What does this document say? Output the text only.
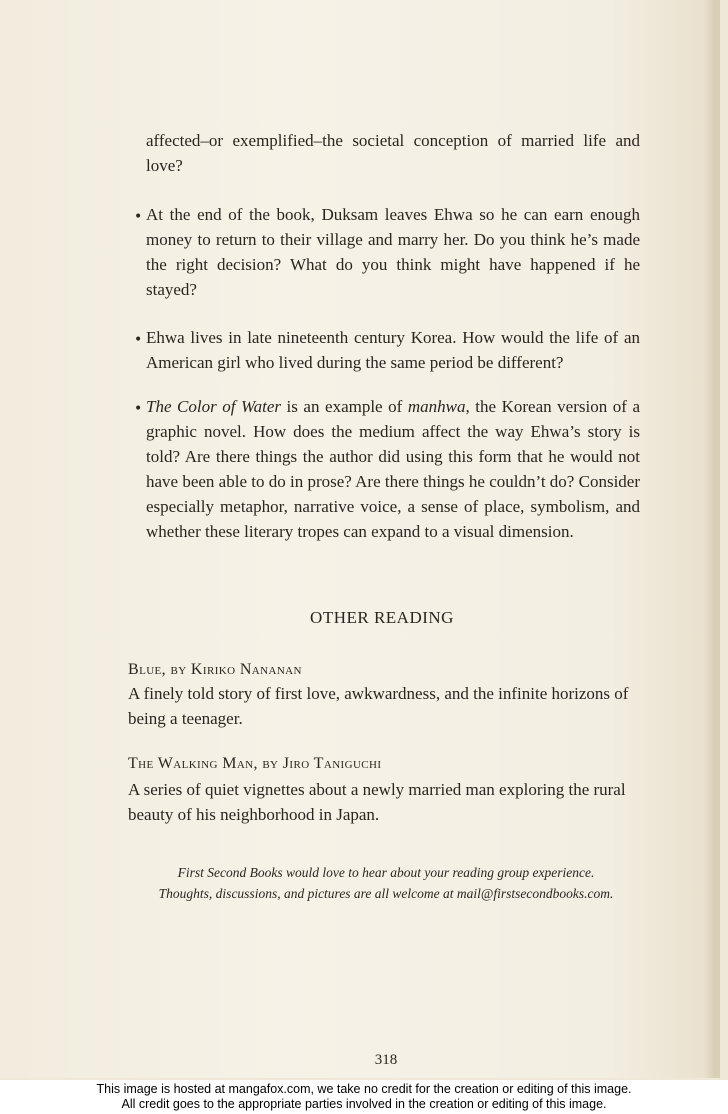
affected–or exemplified–the societal conception of married life and love?
• At the end of the book, Duksam leaves Ehwa so he can earn enough money to return to their village and marry her. Do you think he’s made the right decision? What do you think might have happened if he stayed?
• Ehwa lives in late nineteenth century Korea. How would the life of an American girl who lived during the same period be different?
• The Color of Water is an example of manhwa, the Korean version of a graphic novel. How does the medium affect the way Ehwa’s story is told? Are there things the author did using this form that he would not have been able to do in prose? Are there things he couldn’t do? Consider especially metaphor, narrative voice, a sense of place, symbolism, and whether these literary tropes can expand to a visual dimension.
OTHER READING
Blue, by Kiriko Nananan
A finely told story of first love, awkwardness, and the infinite horizons of being a teenager.
The Walking Man, by Jiro Taniguchi
A series of quiet vignettes about a newly married man exploring the rural beauty of his neighborhood in Japan.
First Second Books would love to hear about your reading group experience.
Thoughts, discussions, and pictures are all welcome at mail@firstsecondbooks.com.
318
This image is hosted at mangafox.com, we take no credit for the creation or editing of this image.
All credit goes to the appropriate parties involved in the creation or editing of this image.
